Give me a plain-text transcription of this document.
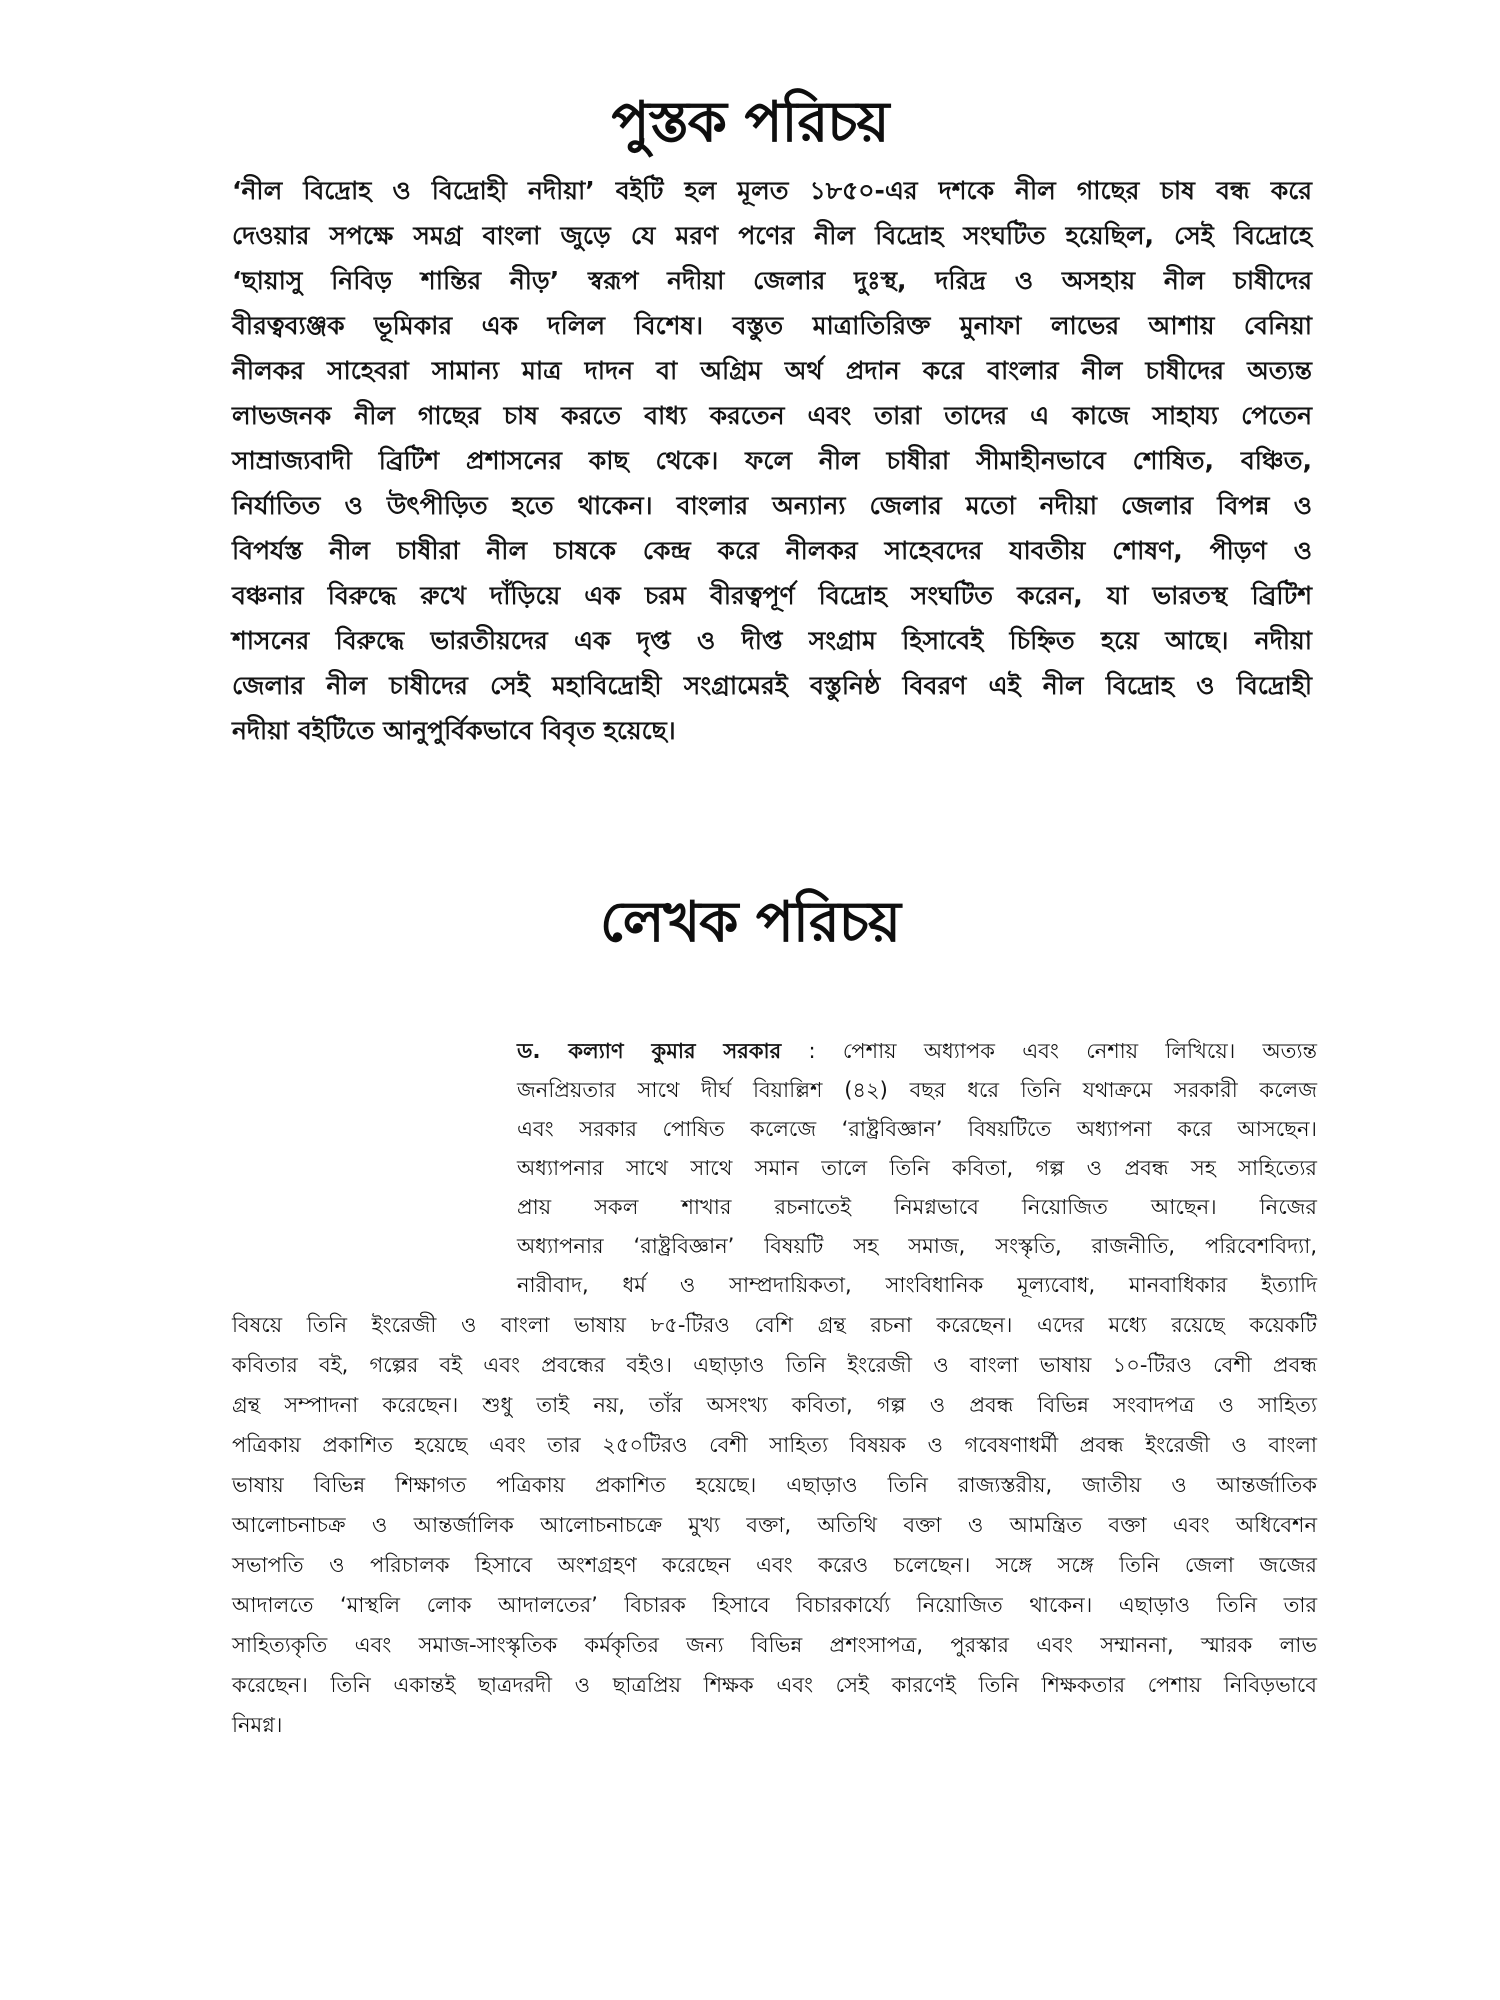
পুস্তক পরিচয়
‘নীল বিদ্রোহ ও বিদ্রোহী নদীয়া’ বইটি হল মূলত ১৮৫০-এর দশকে নীল গাছের চাষ বন্ধ করে
দেওয়ার সপক্ষে সমগ্র বাংলা জুড়ে যে মরণ পণের নীল বিদ্রোহ সংঘটিত হয়েছিল, সেই বিদ্রোহে
‘ছায়াসু নিবিড় শান্তির নীড়’ স্বরূপ নদীয়া জেলার দুঃস্থ, দরিদ্র ও অসহায় নীল চাষীদের
বীরত্বব্যঞ্জক ভূমিকার এক দলিল বিশেষ। বস্তুত মাত্রাতিরিক্ত মুনাফা লাভের আশায় বেনিয়া
নীলকর সাহেবরা সামান্য মাত্র দাদন বা অগ্রিম অর্থ প্রদান করে বাংলার নীল চাষীদের অত্যন্ত
লাভজনক নীল গাছের চাষ করতে বাধ্য করতেন এবং তারা তাদের এ কাজে সাহায্য পেতেন
সাম্রাজ্যবাদী ব্রিটিশ প্রশাসনের কাছ থেকে। ফলে নীল চাষীরা সীমাহীনভাবে শোষিত, বঞ্চিত,
নির্যাতিত ও উৎপীড়িত হতে থাকেন। বাংলার অন্যান্য জেলার মতো নদীয়া জেলার বিপন্ন ও
বিপর্যস্ত নীল চাষীরা নীল চাষকে কেন্দ্র করে নীলকর সাহেবদের যাবতীয় শোষণ, পীড়ণ ও
বঞ্চনার বিরুদ্ধে রুখে দাঁড়িয়ে এক চরম বীরত্বপূর্ণ বিদ্রোহ সংঘটিত করেন, যা ভারতস্থ ব্রিটিশ
শাসনের বিরুদ্ধে ভারতীয়দের এক দৃপ্ত ও দীপ্ত সংগ্রাম হিসাবেই চিহ্নিত হয়ে আছে। নদীয়া
জেলার নীল চাষীদের সেই মহাবিদ্রোহী সংগ্রামেরই বস্তুনিষ্ঠ বিবরণ এই নীল বিদ্রোহ ও বিদ্রোহী
নদীয়া বইটিতে আনুপুর্বিকভাবে বিবৃত হয়েছে।
লেখক পরিচয়
ড. কল্যাণ কুমার সরকার : পেশায় অধ্যাপক এবং নেশায় লিখিয়ে। অত্যন্ত
জনপ্রিয়তার সাথে দীর্ঘ বিয়াল্লিশ (৪২) বছর ধরে তিনি যথাক্রমে সরকারী কলেজ
এবং সরকার পোষিত কলেজে ‘রাষ্ট্রবিজ্ঞান’ বিষয়টিতে অধ্যাপনা করে আসছেন।
অধ্যাপনার সাথে সাথে সমান তালে তিনি কবিতা, গল্প ও প্রবন্ধ সহ সাহিত্যের
প্রায় সকল শাখার রচনাতেই নিমগ্নভাবে নিয়োজিত আছেন। নিজের
অধ্যাপনার ‘রাষ্ট্রবিজ্ঞান’ বিষয়টি সহ সমাজ, সংস্কৃতি, রাজনীতি, পরিবেশবিদ্যা,
নারীবাদ, ধর্ম ও সাম্প্রদায়িকতা, সাংবিধানিক মূল্যবোধ, মানবাধিকার ইত্যাদি
বিষয়ে তিনি ইংরেজী ও বাংলা ভাষায় ৮৫-টিরও বেশি গ্রন্থ রচনা করেছেন। এদের মধ্যে রয়েছে কয়েকটি
কবিতার বই, গল্পের বই এবং প্রবন্ধের বইও। এছাড়াও তিনি ইংরেজী ও বাংলা ভাষায় ১০-টিরও বেশী প্রবন্ধ
গ্রন্থ সম্পাদনা করেছেন। শুধু তাই নয়, তাঁর অসংখ্য কবিতা, গল্প ও প্রবন্ধ বিভিন্ন সংবাদপত্র ও সাহিত্য
পত্রিকায় প্রকাশিত হয়েছে এবং তার ২৫০টিরও বেশী সাহিত্য বিষয়ক ও গবেষণাধর্মী প্রবন্ধ ইংরেজী ও বাংলা
ভাষায় বিভিন্ন শিক্ষাগত পত্রিকায় প্রকাশিত হয়েছে। এছাড়াও তিনি রাজ্যস্তরীয়, জাতীয় ও আন্তর্জাতিক
আলোচনাচক্র ও আন্তর্জালিক আলোচনাচক্রে মুখ্য বক্তা, অতিথি বক্তা ও আমন্ত্রিত বক্তা এবং অধিবেশন
সভাপতি ও পরিচালক হিসাবে অংশগ্রহণ করেছেন এবং করেও চলেছেন। সঙ্গে সঙ্গে তিনি জেলা জজের
আদালতে ‘মাস্থলি লোক আদালতের’ বিচারক হিসাবে বিচারকার্য্যে নিয়োজিত থাকেন। এছাড়াও তিনি তার
সাহিত্যকৃতি এবং সমাজ-সাংস্কৃতিক কর্মকৃতির জন্য বিভিন্ন প্রশংসাপত্র, পুরস্কার এবং সম্মাননা, স্মারক লাভ
করেছেন। তিনি একান্তই ছাত্রদরদী ও ছাত্রপ্রিয় শিক্ষক এবং সেই কারণেই তিনি শিক্ষকতার পেশায় নিবিড়ভাবে
নিমগ্ন।
